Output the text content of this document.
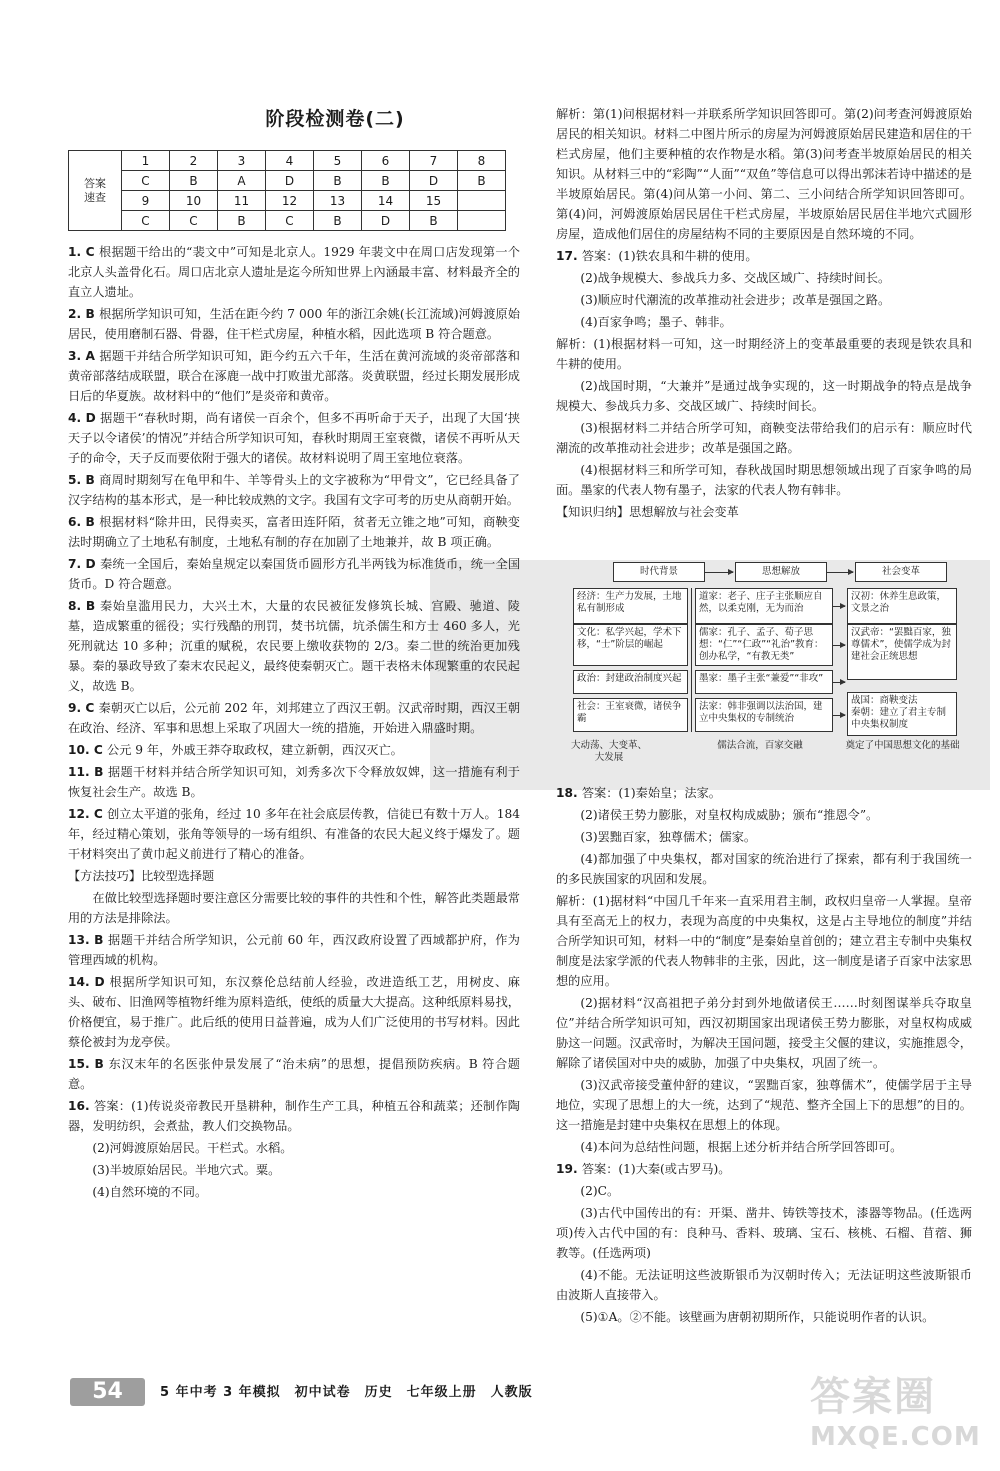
阶段检测卷(二)
答案
速查	1	2	3	4	5	6	7	8
	C	B	A	D	B	B	D	B
	9	10	11	12	13	14	15	
	C	C	B	C	B	D	B	
1. C 根据题干给出的“裴文中”可知是北京人。1929 年裴文中在周口店发现第一个北京人头盖骨化石。周口店北京人遗址是迄今所知世界上內涵最丰富、材料最齐全的直立人遗址。
2. B 根据所学知识可知，生活在距今约 7 000 年的浙江余姚(长江流域)河姆渡原始居民，使用磨制石器、骨器，住干栏式房屋，种植水稻，因此选项 B 符合题意。
3. A 据题干并结合所学知识可知，距今约五六千年，生活在黄河流域的炎帝部落和黄帝部落结成联盟，联合在涿鹿一战中打败蚩尤部落。炎黄联盟，经过长期发展形成日后的华夏族。故材料中的“他们”是炎帝和黄帝。
4. D 据题干“春秋时期，尚有诸侯一百余个，但多不再听命于天子，出现了大国‘挟天子以令诸侯’的情况”并结合所学知识可知，春秋时期周王室衰微，诸侯不再听从天子的命令，天子反而要依附于强大的诸侯。故材料说明了周王室地位衰落。
5. B 商周时期刻写在龟甲和牛、羊等骨头上的文字被称为“甲骨文”，它已经具备了汉字结构的基本形式，是一种比较成熟的文字。我国有文字可考的历史从商朝开始。
6. B 根据材料“除井田，民得卖买，富者田连阡陌，贫者无立锥之地”可知，商鞅变法时期确立了土地私有制度，土地私有制的存在加剧了土地兼并，故 B 项正确。
7. D 秦统一全国后，秦始皇规定以秦国货币圆形方孔半两钱为标准货币，统一全国货币。D 符合题意。
8. B 秦始皇滥用民力，大兴土木，大量的农民被征发修筑长城、宫殿、驰道、陵墓，造成繁重的徭役；实行残酷的刑罚，焚书坑儒，坑杀儒生和方士 460 多人，光死刑就达 10 多种；沉重的赋税，农民要上缴收获物的 2/3。秦二世的统治更加残暴。秦的暴政导致了秦末农民起义，最终使秦朝灭亡。题干表格未体现繁重的农民起义，故选 B。
9. C 秦朝灭亡以后，公元前 202 年，刘邦建立了西汉王朝。汉武帝时期，西汉王朝在政治、经济、军事和思想上采取了巩固大一统的措施，开始进入鼎盛时期。
10. C 公元 9 年，外戚王莽夺取政权，建立新朝，西汉灭亡。
11. B 据题干材料并结合所学知识可知，刘秀多次下令释放奴婢，这一措施有利于恢复社会生产。故选 B。
12. C 创立太平道的张角，经过 10 多年在社会底层传教，信徒已有数十万人。184 年，经过精心策划，张角等领导的一场有组织、有准备的农民大起义终于爆发了。题干材料突出了黄巾起义前进行了精心的准备。
【方法技巧】比较型选择题
在做比较型选择题时要注意区分需要比较的事件的共性和个性，解答此类题最常用的方法是排除法。
13. B 据题干并结合所学知识，公元前 60 年，西汉政府设置了西域都护府，作为管理西域的机构。
14. D 根据所学知识可知，东汉蔡伦总结前人经验，改进造纸工艺，用树皮、麻头、破布、旧渔网等植物纤维为原料造纸，使纸的质量大大提高。这种纸原料易找，价格便宜，易于推广。此后纸的使用日益普遍，成为人们广泛使用的书写材料。因此蔡伦被封为龙亭侯。
15. B 东汉末年的名医张仲景发展了“治未病”的思想，提倡预防疾病。B 符合题意。
16. 答案：(1)传说炎帝教民开垦耕种，制作生产工具，种植五谷和蔬菜；还制作陶器，发明纺织，会煮盐，教人们交换物品。
(2)河姆渡原始居民。干栏式。水稻。
(3)半坡原始居民。半地穴式。粟。
(4)自然环境的不同。
解析：第(1)问根据材料一并联系所学知识回答即可。第(2)问考查河姆渡原始居民的相关知识。材料二中图片所示的房屋为河姆渡原始居民建造和居住的干栏式房屋，他们主要种植的农作物是水稻。第(3)问考查半坡原始居民的相关知识。从材料三中的“彩陶”“人面”“双鱼”等信息可以得出郭沫若诗中描述的是半坡原始居民。第(4)问从第一小问、第二、三小问结合所学知识回答即可。第(4)问，河姆渡原始居民居住干栏式房屋，半坡原始居民居住半地穴式圆形房屋，造成他们居住的房屋结构不同的主要原因是自然环境的不同。
17. 答案：(1)铁农具和牛耕的使用。
(2)战争规模大、参战兵力多、交战区域广、持续时间长。
(3)顺应时代潮流的改革推动社会进步；改革是强国之路。
(4)百家争鸣；墨子、韩非。
解析：(1)根据材料一可知，这一时期经济上的变革最重要的表现是铁农具和牛耕的使用。
(2)战国时期，“大兼并”是通过战争实现的，这一时期战争的特点是战争规模大、参战兵力多、交战区域广、持续时间长。
(3)根据材料二并结合所学可知，商鞅变法带给我们的启示有：顺应时代潮流的改革推动社会进步；改革是强国之路。
(4)根据材料三和所学可知，春秋战国时期思想领域出现了百家争鸣的局面。墨家的代表人物有墨子，法家的代表人物有韩非。
【知识归纳】思想解放与社会变革
18. 答案：(1)秦始皇；法家。
(2)诸侯王势力膨胀，对皇权构成威胁；颁布“推恩令”。
(3)罢黜百家，独尊儒术；儒家。
(4)都加强了中央集权，都对国家的统治进行了探索，都有利于我国统一的多民族国家的巩固和发展。
解析：(1)据材料“中国几千年来一直采用君主制，政权归皇帝一人掌握。皇帝具有至高无上的权力，表现为高度的中央集权，这是占主导地位的制度”并结合所学知识可知，材料一中的“制度”是秦始皇首创的；建立君主专制中央集权制度是法家学派的代表人物韩非的主张，因此，这一制度是诸子百家中法家思想的应用。
(2)据材料“汉高祖把子弟分封到外地做诸侯王……时刻图谋举兵夺取皇位”并结合所学知识可知，西汉初期国家出现诸侯王势力膨胀，对皇权构成威胁这一问题。汉武帝时，为解决王国问题，接受主父偃的建议，实施推恩令，解除了诸侯国对中央的威胁，加强了中央集权，巩固了统一。
(3)汉武帝接受董仲舒的建议，“罢黜百家，独尊儒术”，使儒学居于主导地位，实现了思想上的大一统，达到了“规范、整齐全国上下的思想”的目的。这一措施是封建中央集权在思想上的体现。
(4)本问为总结性问题，根据上述分析并结合所学回答即可。
19. 答案：(1)大秦(或古罗马)。
(2)C。
(3)古代中国传出的有：开渠、凿井、铸铁等技术，漆器等物品。(任选两项)传入古代中国的有：良种马、香料、玻璃、宝石、核桃、石榴、苜蓿、狮教等。(任选两项)
(4)不能。无法证明这些波斯银币为汉朝时传入；无法证明这些波斯银币由波斯人直接带入。
(5)①A。②不能。该壁画为唐朝初期所作，只能说明作者的认识。
时代背景	思想解放	社会变革
经济：生产力发展，土地私有制形成
文化：私学兴起，学术下移，“士”阶层的崛起
政治：封建政治制度兴起
社会：王室衰微，诸侯争霸
道家：老子、庄子主张顺应自然，以柔克刚，无为而治
儒家：孔子、孟子、荀子思想：“仁”“仁政”“礼治”教育：创办私学，“有教无类”
墨家：墨子主张“兼爱”“非攻”
法家：韩非强调以法治国，建立中央集权的专制统治
汉初：休养生息政策，文景之治
汉武帝：“罢黜百家，独尊儒术”，使儒学成为封建社会正统思想
战国：商鞅变法
秦朝：建立了君主专制中央集权制度
大动荡、大变革、大发展
儒法合流，百家交融	奠定了中国思想文化的基础
54	5 年中考 3 年模拟　初中试卷　历史　七年级上册　人教版	答案圈
MXQE.COM
